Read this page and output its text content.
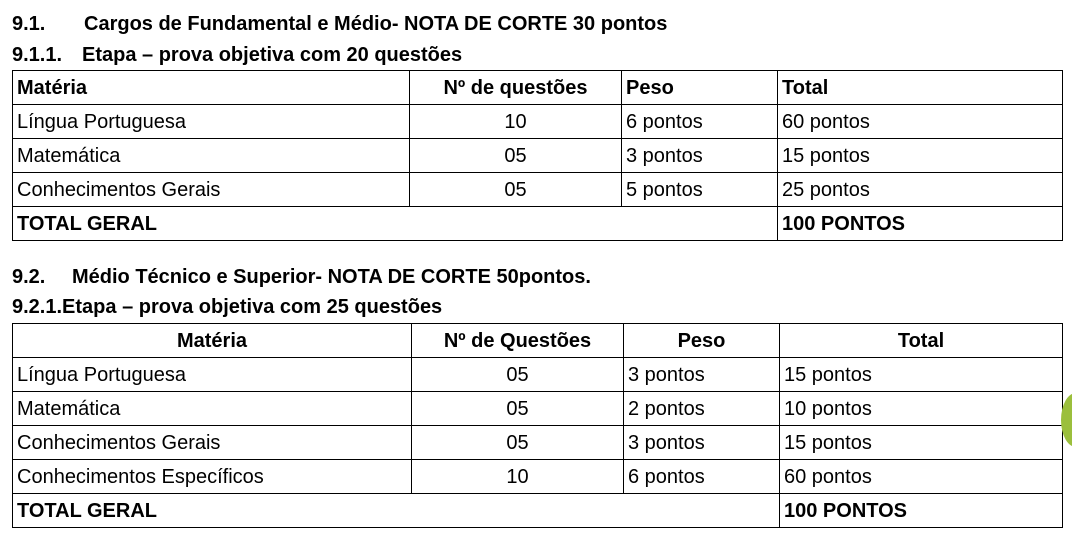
9.1. Cargos de Fundamental e Médio- NOTA DE CORTE 30 pontos
9.1.1. Etapa – prova objetiva com 20 questões
Matéria	Nº de questões	Peso	Total
Língua Portuguesa	10	6 pontos	60 pontos
Matemática	05	3 pontos	15 pontos
Conhecimentos Gerais	05	5 pontos	25 pontos
TOTAL GERAL			100 PONTOS
9.2. Médio Técnico e Superior- NOTA DE CORTE 50pontos.
9.2.1.Etapa – prova objetiva com 25 questões
Matéria	Nº de Questões	Peso	Total
Língua Portuguesa	05	3 pontos	15 pontos
Matemática	05	2 pontos	10 pontos
Conhecimentos Gerais	05	3 pontos	15 pontos
Conhecimentos Específicos	10	6 pontos	60 pontos
TOTAL GERAL			100 PONTOS
